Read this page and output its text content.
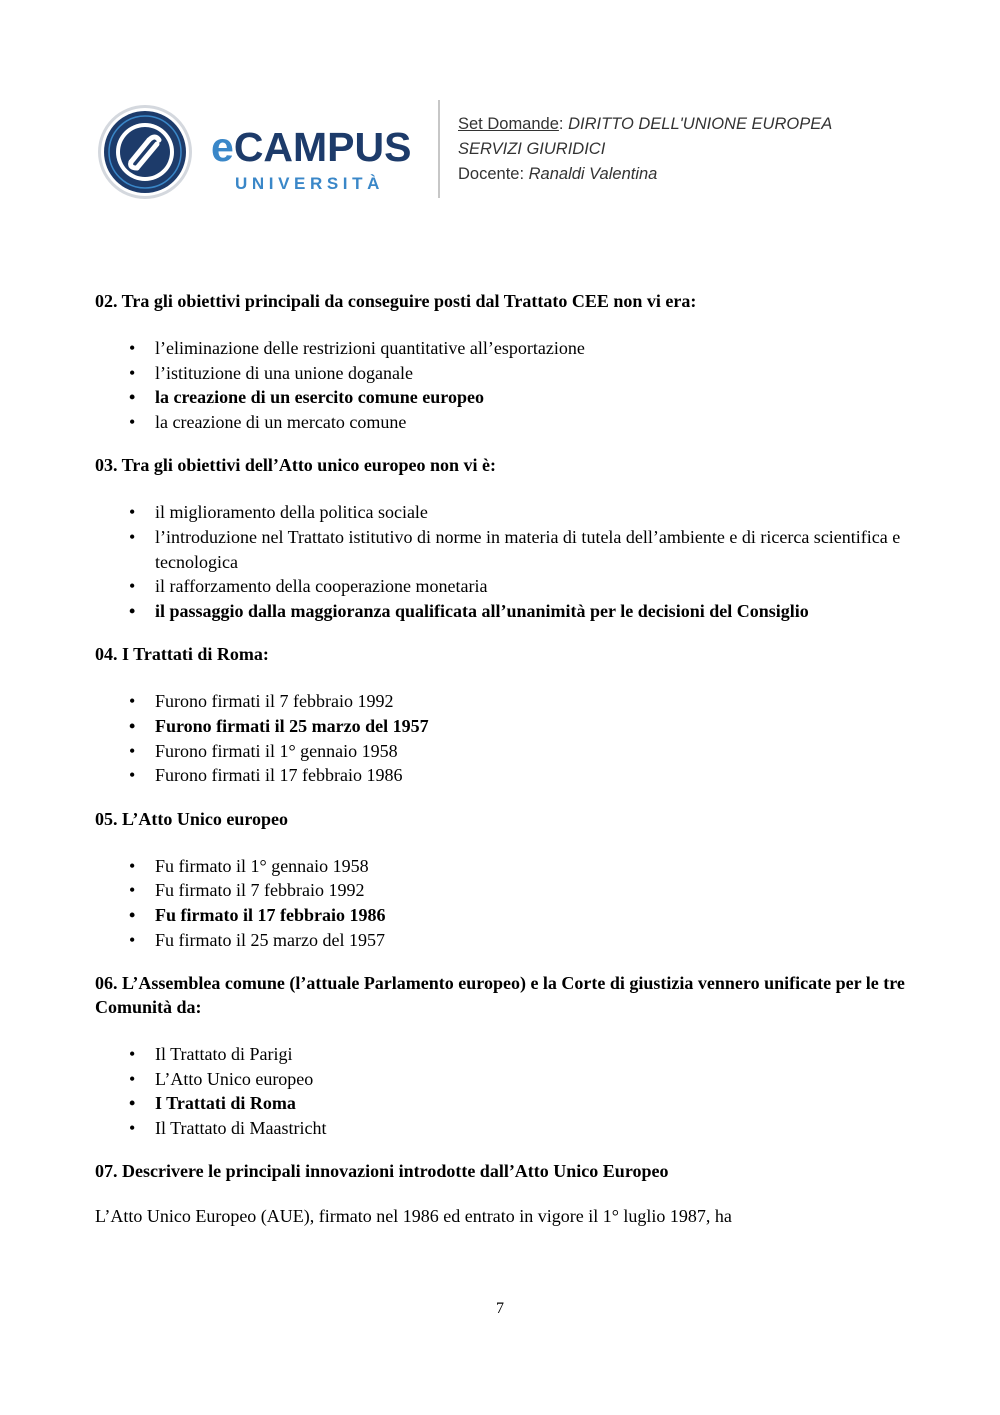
eCAMPUS
UNIVERSITÀ
Set Domande: DIRITTO DELL'UNIONE EUROPEA
SERVIZI GIURIDICI
Docente: Ranaldi Valentina

02. Tra gli obiettivi principali da conseguire posti dal Trattato CEE non vi era:

• l’eliminazione delle restrizioni quantitative all’esportazione
• l’istituzione di una unione doganale
• la creazione di un esercito comune europeo
• la creazione di un mercato comune

03. Tra gli obiettivi dell’Atto unico europeo non vi è:

• il miglioramento della politica sociale
• l’introduzione nel Trattato istitutivo di norme in materia di tutela dell’ambiente e di ricerca scientifica e tecnologica
• il rafforzamento della cooperazione monetaria
• il passaggio dalla maggioranza qualificata all’unanimità per le decisioni del Consiglio

04. I Trattati di Roma:

• Furono firmati il 7 febbraio 1992
• Furono firmati il 25 marzo del 1957
• Furono firmati il 1° gennaio 1958
• Furono firmati il 17 febbraio 1986

05. L’Atto Unico europeo

• Fu firmato il 1° gennaio 1958
• Fu firmato il 7 febbraio 1992
• Fu firmato il 17 febbraio 1986
• Fu firmato il 25 marzo del 1957

06. L’Assemblea comune (l’attuale Parlamento europeo) e la Corte di giustizia vennero unificate per le tre Comunità da:

• Il Trattato di Parigi
• L’Atto Unico europeo
• I Trattati di Roma
• Il Trattato di Maastricht

07. Descrivere le principali innovazioni introdotte dall’Atto Unico Europeo

L’Atto Unico Europeo (AUE), firmato nel 1986 ed entrato in vigore il 1° luglio 1987, ha

7
